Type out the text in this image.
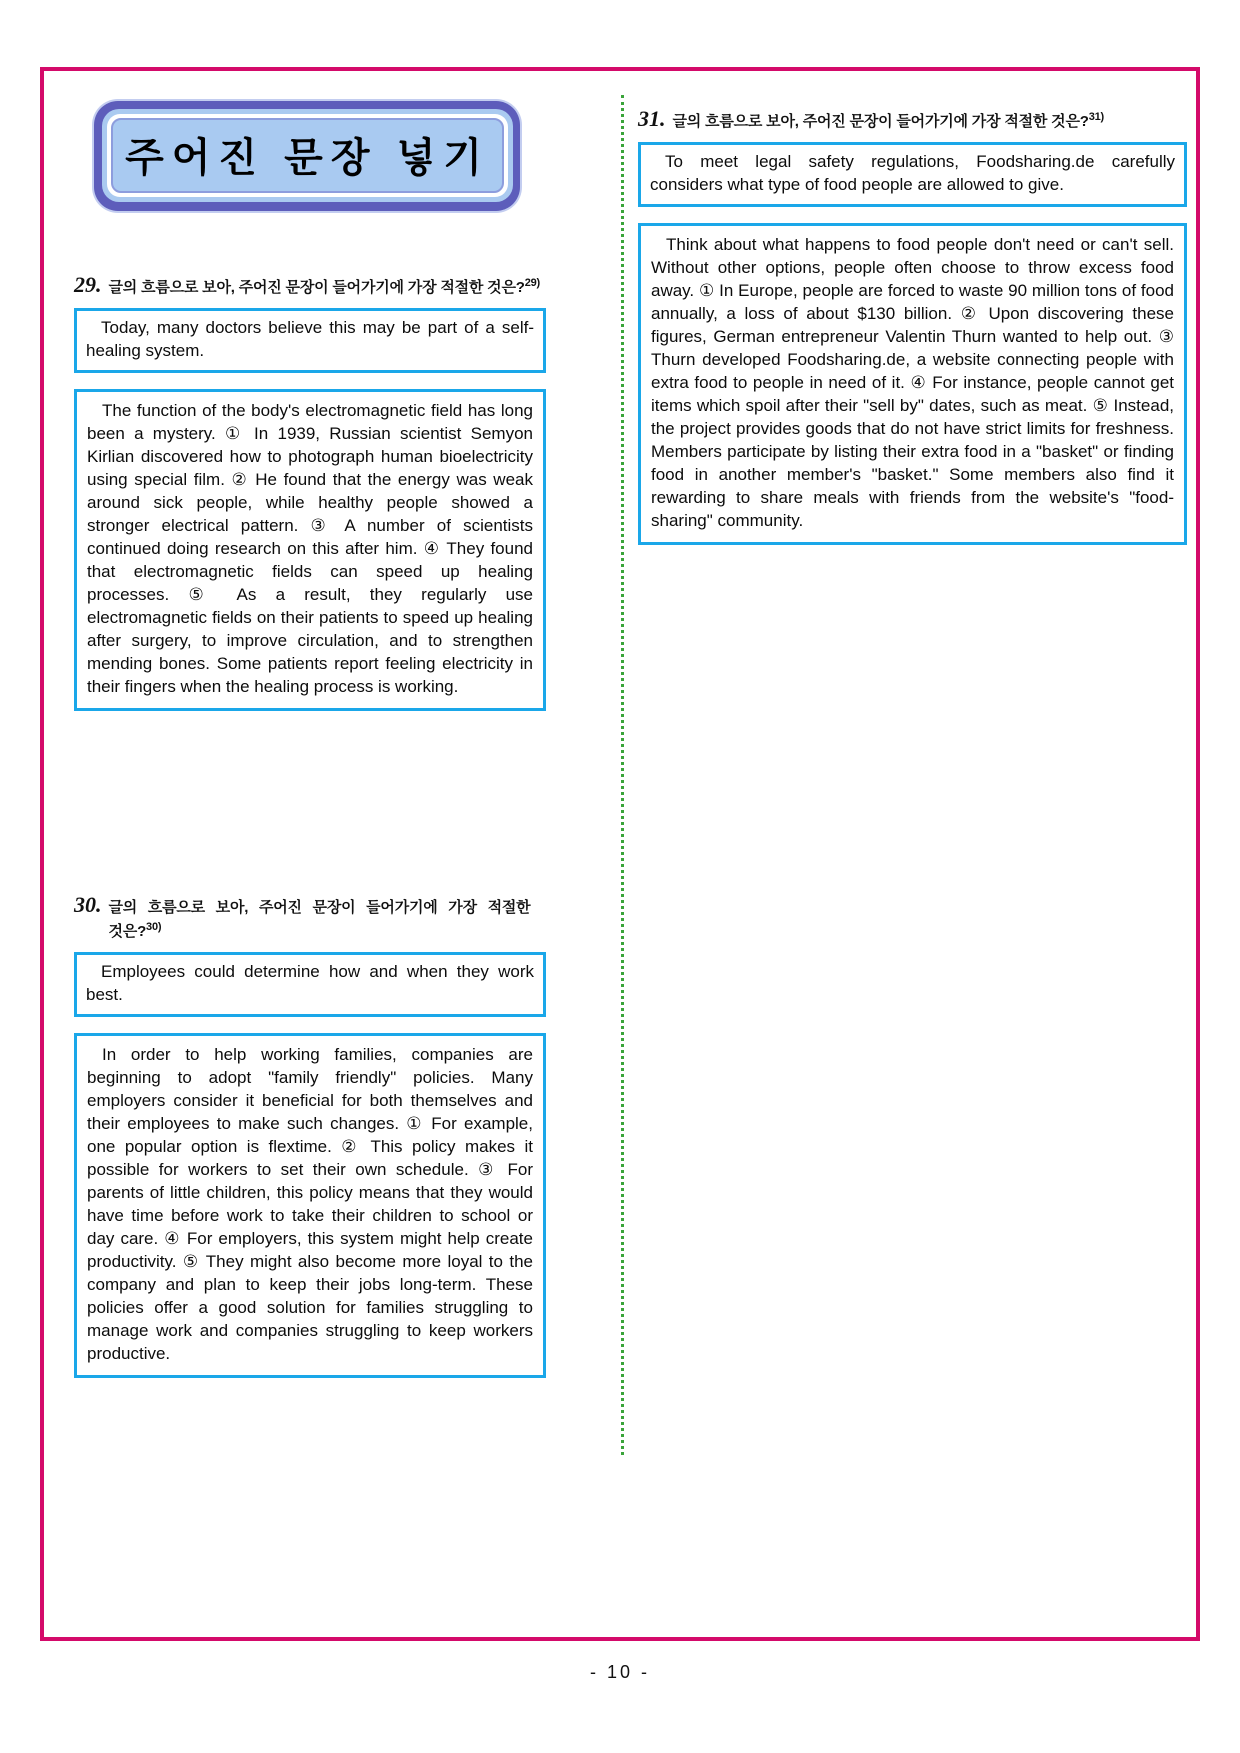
주어진 문장 넣기
29. 글의 흐름으로 보아, 주어진 문장이 들어가기에 가장 적절한 것은?$^{29)}$

Today, many doctors believe this may be part of a self-healing system.

The function of the body's electromagnetic field has long been a mystery. ① In 1939, Russian scientist Semyon Kirlian discovered how to photograph human bioelectricity using special film. ② He found that the energy was weak around sick people, while healthy people showed a stronger electrical pattern. ③ A number of scientists continued doing research on this after him. ④ They found that electromagnetic fields can speed up healing processes. ⑤ As a result, they regularly use electromagnetic fields on their patients to speed up healing after surgery, to improve circulation, and to strengthen mending bones. Some patients report feeling electricity in their fingers when the healing process is working.

30. 글의 흐름으로 보아, 주어진 문장이 들어가기에 가장 적절한 것은?$^{30)}$

Employees could determine how and when they work best.

In order to help working families, companies are beginning to adopt "family friendly" policies. Many employers consider it beneficial for both themselves and their employees to make such changes. ① For example, one popular option is flextime. ② This policy makes it possible for workers to set their own schedule. ③ For parents of little children, this policy means that they would have time before work to take their children to school or day care. ④ For employers, this system might help create productivity. ⑤ They might also become more loyal to the company and plan to keep their jobs long-term. These policies offer a good solution for families struggling to manage work and companies struggling to keep workers productive.

31. 글의 흐름으로 보아, 주어진 문장이 들어가기에 가장 적절한 것은?$^{31)}$

To meet legal safety regulations, Foodsharing.de carefully considers what type of food people are allowed to give.

Think about what happens to food people don't need or can't sell. Without other options, people often choose to throw excess food away. ① In Europe, people are forced to waste 90 million tons of food annually, a loss of about $130 billion. ② Upon discovering these figures, German entrepreneur Valentin Thurn wanted to help out. ③ Thurn developed Foodsharing.de, a website connecting people with extra food to people in need of it. ④ For instance, people cannot get items which spoil after their "sell by" dates, such as meat. ⑤ Instead, the project provides goods that do not have strict limits for freshness. Members participate by listing their extra food in a "basket" or finding food in another member's "basket." Some members also find it rewarding to share meals with friends from the website's "food-sharing" community.

- 10 -
